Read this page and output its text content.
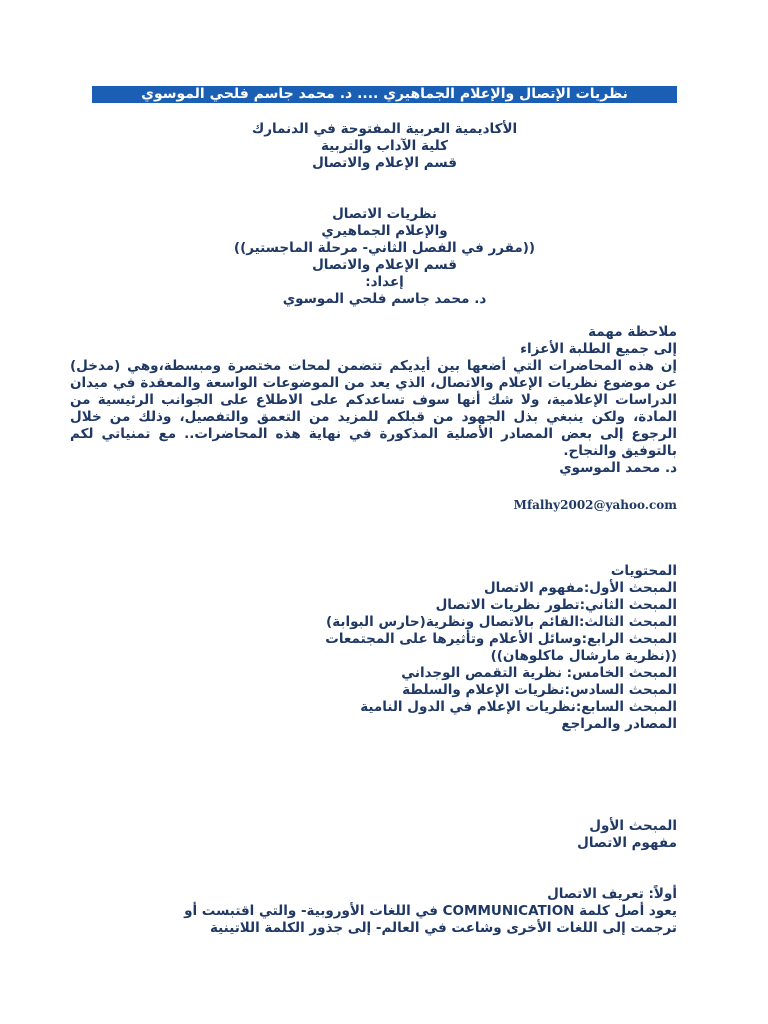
نظريات الإتصال والإعلام الجماهيري .... د. محمد جاسم فلحي الموسوي
الأكاديمية العربية المفتوحة في الدنمارك
كلية الآداب والتربية
قسم الإعلام والاتصال
نظريات الاتصال
والإعلام الجماهيري
((مقرر في الفصل الثاني- مرحلة الماجستير))
قسم الإعلام والاتصال
إعداد:
د. محمد جاسم فلحي الموسوي
ملاحظة مهمة
إلى جميع الطلبة الأعزاء
إن هذه المحاضرات التي أضعها بين أيديكم تتضمن لمحات مختصرة ومبسطة،وهي (مدخل) عن موضوع نظريات الإعلام والاتصال، الذي يعد من الموضوعات الواسعة والمعقدة في ميدان الدراسات الإعلامية، ولا شك أنها سوف تساعدكم على الاطلاع على الجوانب الرئيسية من المادة، ولكن ينبغي بذل الجهود من قبلكم للمزيد من التعمق والتفصيل، وذلك من خلال الرجوع إلى بعض المصادر الأصلية المذكورة في نهاية هذه المحاضرات.. مع تمنياتي لكم بالتوفيق والنجاح.
د. محمد الموسوي
Mfalhy2002@yahoo.com
المحتويات
المبحث الأول:مفهوم الاتصال
المبحث الثاني:تطور نظريات الاتصال
المبحث الثالث:القائم بالاتصال ونظرية(حارس البوابة)
المبحث الرابع:وسائل الأعلام وتأثيرها على المجتمعات
((نظرية مارشال ماكلوهان))
المبحث الخامس: نظرية التقمص الوجداني
المبحث السادس:نظريات الإعلام والسلطة
المبحث السابع:نظريات الإعلام في الدول النامية
المصادر والمراجع
المبحث الأول
مفهوم الاتصال
أولاً: تعريف الاتصال
يعود أصل كلمة COMMUNICATION في اللغات الأوروبية- والتي اقتبست أو
ترجمت إلى اللغات الأخرى وشاعت في العالم- إلى جذور الكلمة اللاتينية
